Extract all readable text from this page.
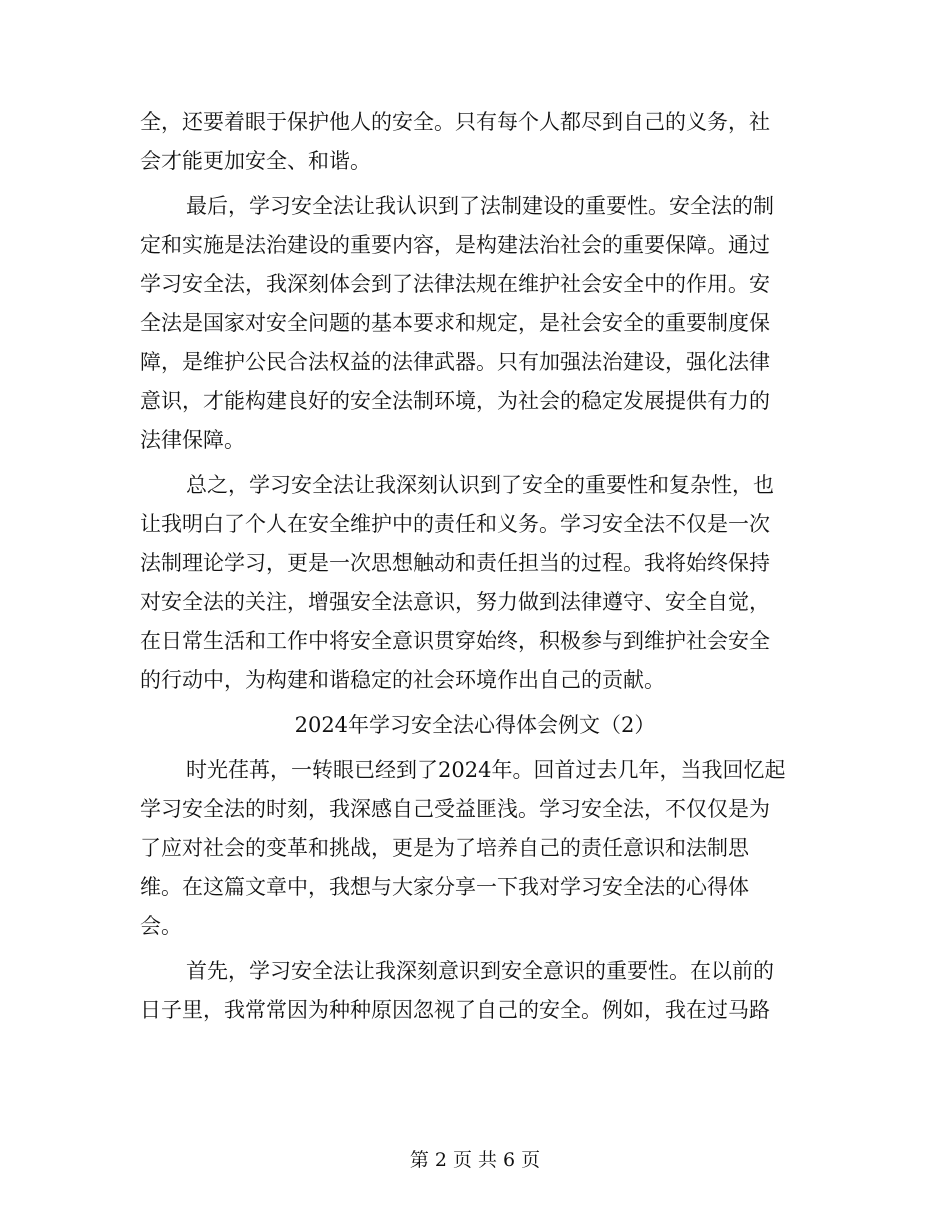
全，还要着眼于保护他人的安全。只有每个人都尽到自己的义务，社
会才能更加安全、和谐。
最后，学习安全法让我认识到了法制建设的重要性。安全法的制
定和实施是法治建设的重要内容，是构建法治社会的重要保障。通过
学习安全法，我深刻体会到了法律法规在维护社会安全中的作用。安
全法是国家对安全问题的基本要求和规定，是社会安全的重要制度保
障，是维护公民合法权益的法律武器。只有加强法治建设，强化法律
意识，才能构建良好的安全法制环境，为社会的稳定发展提供有力的
法律保障。
总之，学习安全法让我深刻认识到了安全的重要性和复杂性，也
让我明白了个人在安全维护中的责任和义务。学习安全法不仅是一次
法制理论学习，更是一次思想触动和责任担当的过程。我将始终保持
对安全法的关注，增强安全法意识，努力做到法律遵守、安全自觉，
在日常生活和工作中将安全意识贯穿始终，积极参与到维护社会安全
的行动中，为构建和谐稳定的社会环境作出自己的贡献。
2024年学习安全法心得体会例文（2）
时光荏苒，一转眼已经到了2024年。回首过去几年，当我回忆起
学习安全法的时刻，我深感自己受益匪浅。学习安全法，不仅仅是为
了应对社会的变革和挑战，更是为了培养自己的责任意识和法制思
维。在这篇文章中，我想与大家分享一下我对学习安全法的心得体
会。
首先，学习安全法让我深刻意识到安全意识的重要性。在以前的
日子里，我常常因为种种原因忽视了自己的安全。例如，我在过马路
第 2 页 共 6 页
